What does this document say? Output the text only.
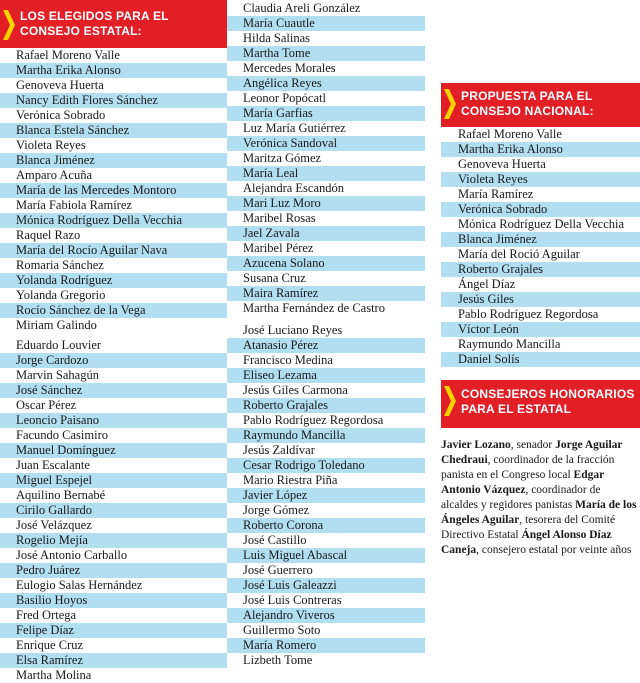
Rafael Moreno Valle
Martha Erika Alonso
Genoveva Huerta
Nancy Edith Flores Sánchez
Verónica Sobrado
Blanca Estela Sánchez
Violeta Reyes
Blanca Jiménez
Amparo Acuña
María de las Mercedes Montoro
María Fabiola Ramírez
Mónica Rodríguez Della Vecchia
Raquel Razo
María del Rocío Aguilar Nava
Romaria Sánchez
Yolanda Rodríguez
Yolanda Gregorio
Rocío Sánchez de la Vega
Miriam Galindo
Eduardo Louvier
Jorge Cardozo
Marvin Sahagún
José Sánchez
Oscar Pérez
Leoncio Paisano
Facundo Casimiro
Manuel Domínguez
Juan Escalante
Miguel Espejel
Aquilino Bernabé
Cirilo Gallardo
José Velázquez
Rogelio Mejía
José Antonio Carballo
Pedro Juárez
Eulogio Salas Hernández
Basilio Hoyos
Fred Ortega
Felipe Díaz
Enrique Cruz
Elsa Ramírez
Martha Molina
LOS ELEGIDOS PARA EL
CONSEJO ESTATAL:
Claudia Areli González
María Cuautle
Hilda Salinas
Martha Tome
Mercedes Morales
Angélica Reyes
Leonor Popócatl
María Garfias
Luz María Gutiérrez
Verónica Sandoval
Maritza Gómez
María Leal
Alejandra Escandón
Mari Luz Moro
Maribel Rosas
Jael Zavala
Maribel Pérez
Azucena Solano
Susana Cruz
Maira Ramírez
Martha Fernández de Castro
José Luciano Reyes
Atanasio Pérez
Francisco Medina
Eliseo Lezama
Jesús Giles Carmona
Roberto Grajales
Pablo Rodríguez Regordosa
Raymundo Mancilla
Jesús Zaldívar
Cesar Rodrigo Toledano
Mario Riestra Piña
Javier López
Jorge Gómez
Roberto Corona
José Castillo
Luis Miguel Abascal
José Guerrero
José Luis Galeazzi
José Luis Contreras
Alejandro Viveros
Guillermo Soto
María Romero
Lizbeth Tome
PROPUESTA PARA EL
CONSEJO NACIONAL:
Rafael Moreno Valle
Martha Erika Alonso
Genoveva Huerta
Violeta Reyes
María Ramírez
Verónica Sobrado
Mónica Rodríguez Della Vecchia
Blanca Jiménez
María del Roció Aguilar
Roberto Grajales
Ángel Díaz
Jesús Giles
Pablo Rodríguez Regordosa
Víctor León
Raymundo Mancilla
Daniel Solís
CONSEJEROS HONORARIOS
PARA EL ESTATAL
Javier Lozano, senador Jorge Aguilar Chedraui, coordinador de la fracción panista en el Congreso local Edgar Antonio Vázquez, coordinador de alcaldes y regidores panistas María de los Ángeles Aguilar, tesorera del Comité Directivo Estatal Ángel Alonso Díaz Caneja, consejero estatal por veinte años
